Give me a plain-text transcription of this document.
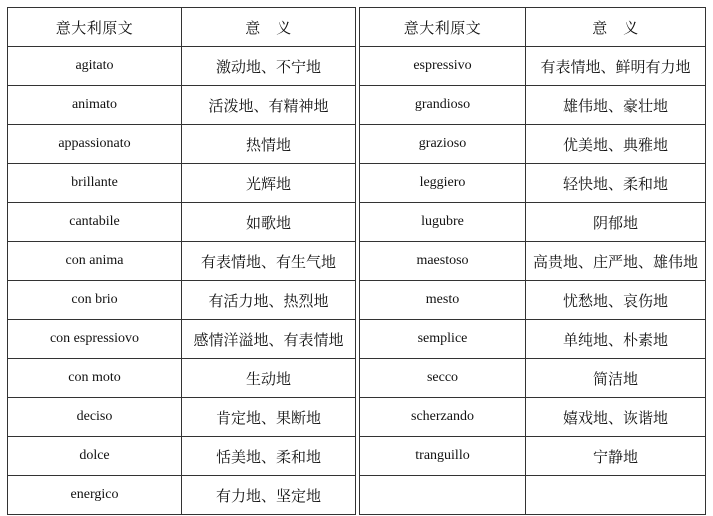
意大利原文	意　义
agitato	激动地、不宁地
animato	活泼地、有精神地
appassionato	热情地
brillante	光辉地
cantabile	如歌地
con anima	有表情地、有生气地
con brio	有活力地、热烈地
con espressiovo	感情洋溢地、有表情地
con moto	生动地
deciso	肯定地、果断地
dolce	恬美地、柔和地
energico	有力地、坚定地
意大利原文	意　义
espressivo	有表情地、鲜明有力地
grandioso	雄伟地、豪壮地
grazioso	优美地、典雅地
leggiero	轻快地、柔和地
lugubre	阴郁地
maestoso	高贵地、庄严地、雄伟地
mesto	忧愁地、哀伤地
semplice	单纯地、朴素地
secco	简洁地
scherzando	嬉戏地、诙谐地
tranguillo	宁静地
